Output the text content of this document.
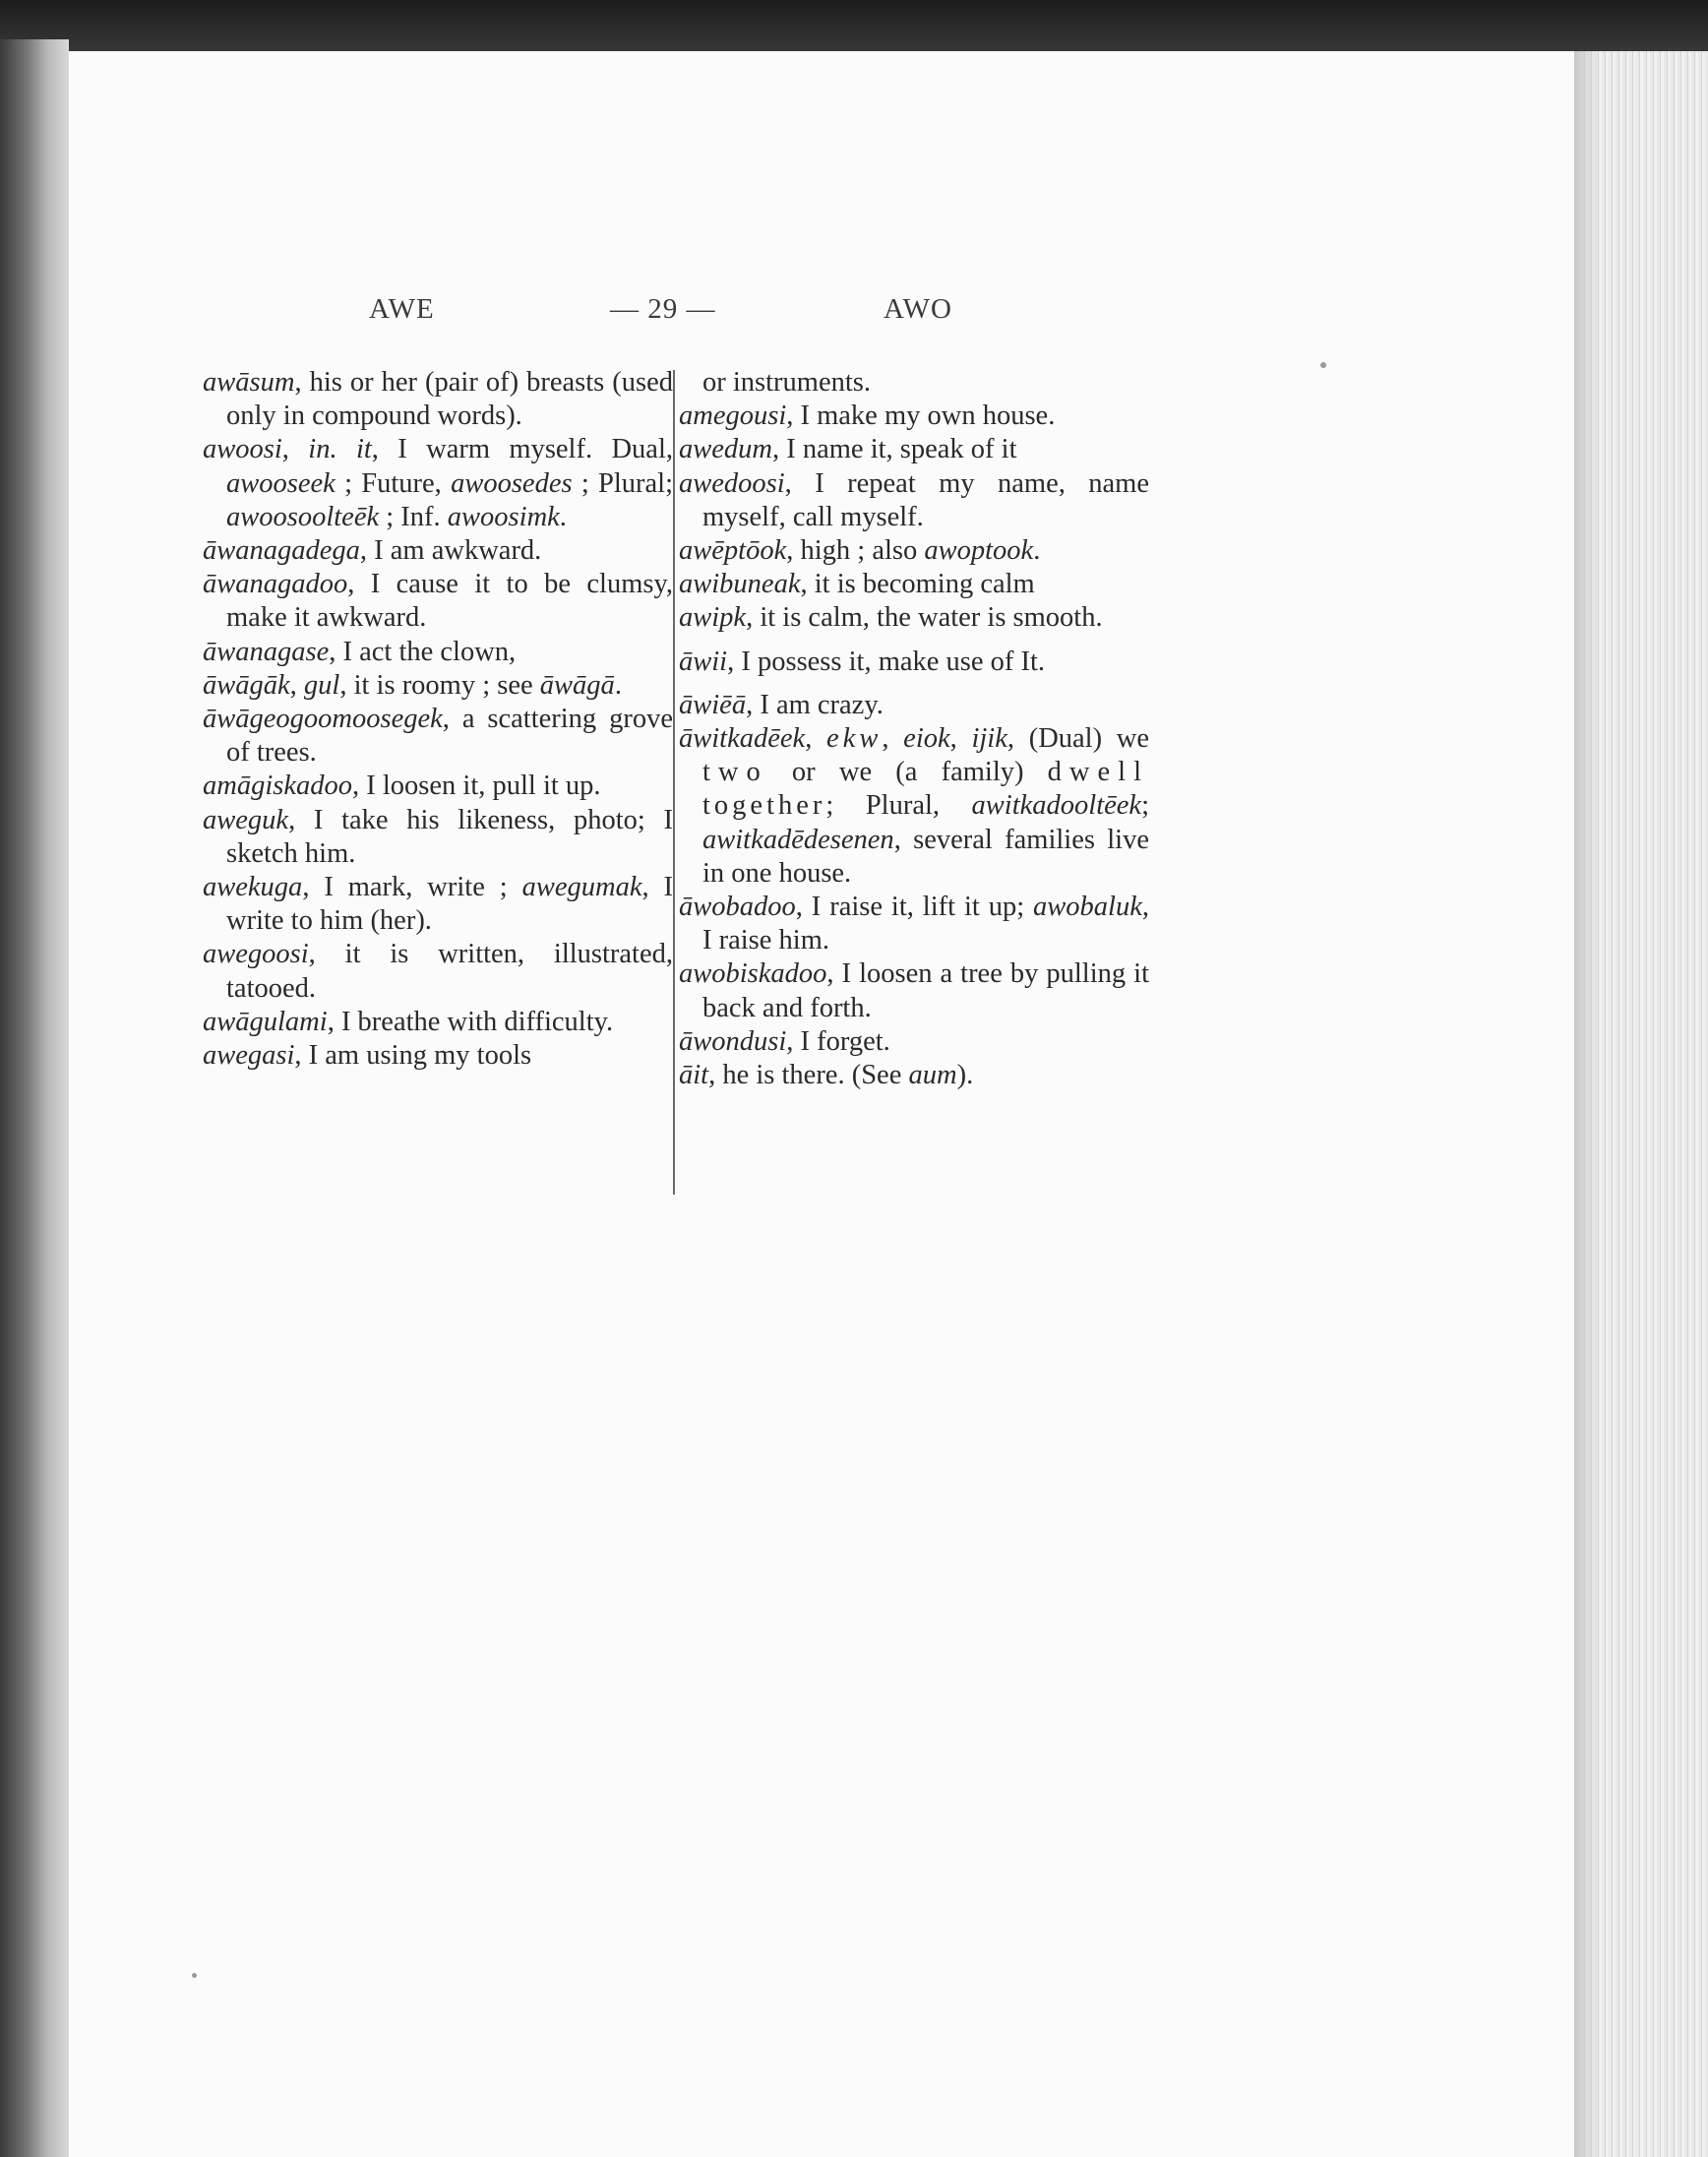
AWE	— 29 —	AWO
awāsum, his or her (pair of) breasts (used only in compound words).
awoosi, in. it, I warm myself. Dual, awooseek ; Future, awoosedes ; Plural; awoosoolteēk ; Inf. awoosimk.
āwanagadega, I am awkward.
āwanagadoo, I cause it to be clumsy, make it awkward.
āwanagase, I act the clown,
āwāgāk, gul, it is roomy ; see āwāgā.
āwāgeogoomoosegek, a scattering grove of trees.
amāgiskadoo, I loosen it, pull it up.
aweguk, I take his likeness, photo; I sketch him.
awekuga, I mark, write ; awegumak, I write to him (her).
awegoosi, it is written, illustrated, tatooed.
awāgulami, I breathe with difficulty.
awegasi, I am using my tools
or instruments.
amegousi, I make my own house.
awedum, I name it, speak of it
awedoosi, I repeat my name, name myself, call myself.
awēptōok, high ; also awoptook.
awibuneak, it is becoming calm
awipk, it is calm, the water is smooth.
āwii, I possess it, make use of It.
āwiēā, I am crazy.
āwitkadēek, ekw, eiok, ijik, (Dual) we two or we (a family) dwell together; Plural, awitkadooltēek; awitkadēdesenen, several families live in one house.
āwobadoo, I raise it, lift it up; awobaluk, I raise him.
awobiskadoo, I loosen a tree by pulling it back and forth.
āwondusi, I forget.
āit, he is there. (See aum).
